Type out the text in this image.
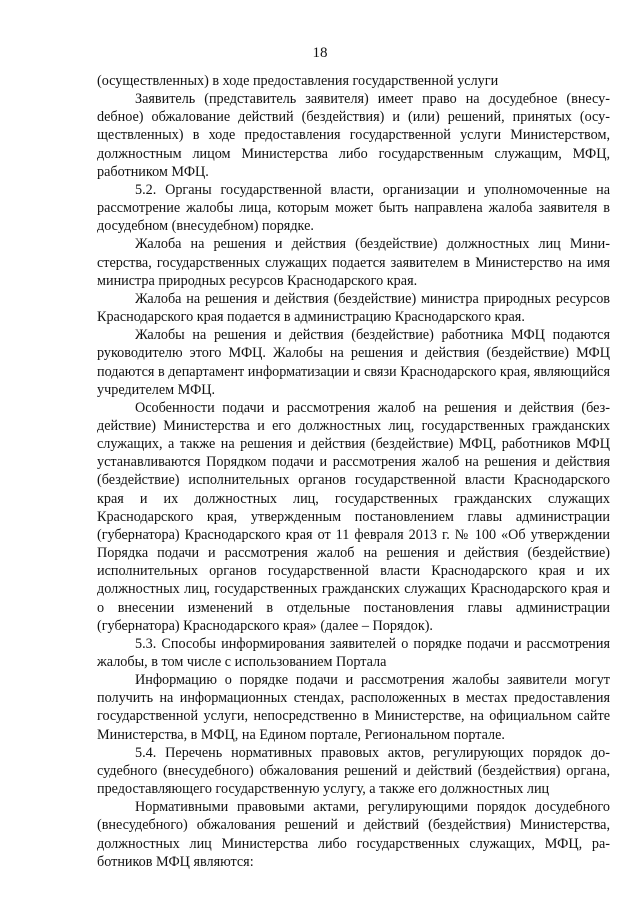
18

(осуществленных) в ходе предоставления государственной услуги

Заявитель (представитель заявителя) имеет право на досудебное (внесуdебное) обжалование действий (бездействия) и (или) решений, принятых (осуществленных) в ходе предоставления государственной услуги Министерством, должностным лицом Министерства либо государственным служащим, МФЦ, работником МФЦ.

5.2. Органы государственной власти, организации и уполномоченные на рассмотрение жалобы лица, которым может быть направлена жалоба заявителя в досудебном (внесудебном) порядке.

Жалоба на решения и действия (бездействие) должностных лиц Министерства, государственных служащих подается заявителем в Министерство на имя министра природных ресурсов Краснодарского края.

Жалоба на решения и действия (бездействие) министра природных ресурсов Краснодарского края подается в администрацию Краснодарского края.

Жалобы на решения и действия (бездействие) работника МФЦ подаются руководителю этого МФЦ. Жалобы на решения и действия (бездействие) МФЦ подаются в департамент информатизации и связи Краснодарского края, являющийся учредителем МФЦ.

Особенности подачи и рассмотрения жалоб на решения и действия (бездействие) Министерства и его должностных лиц, государственных гражданских служащих, а также на решения и действия (бездействие) МФЦ, работников МФЦ устанавливаются Порядком подачи и рассмотрения жалоб на решения и действия (бездействие) исполнительных органов государственной власти Краснодарского края и их должностных лиц, государственных гражданских служащих Краснодарского края, утвержденным постановлением главы администрации (губернатора) Краснодарского края от 11 февраля 2013 г. № 100 «Об утверждении Порядка подачи и рассмотрения жалоб на решения и действия (бездействие) исполнительных органов государственной власти Краснодарского края и их должностных лиц, государственных гражданских служащих Краснодарского края и о внесении изменений в отдельные постановления главы администрации (губернатора) Краснодарского края» (далее – Порядок).

5.3. Способы информирования заявителей о порядке подачи и рассмотрения жалобы, в том числе с использованием Портала

Информацию о порядке подачи и рассмотрения жалобы заявители могут получить на информационных стендах, расположенных в местах предоставления государственной услуги, непосредственно в Министерстве, на официальном сайте Министерства, в МФЦ, на Едином портале, Региональном портале.

5.4. Перечень нормативных правовых актов, регулирующих порядок досудебного (внесудебного) обжалования решений и действий (бездействия) органа, предоставляющего государственную услугу, а также его должностных лиц

Нормативными правовыми актами, регулирующими порядок досудебного (внесудебного) обжалования решений и действий (бездействия) Министерства, должностных лиц Министерства либо государственных служащих, МФЦ, работников МФЦ являются:
